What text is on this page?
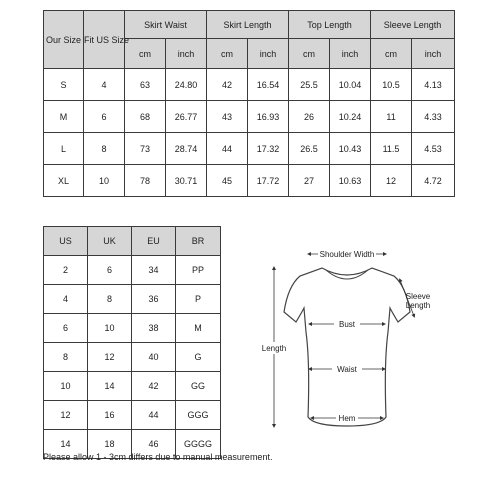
Our Size	Fit US Size	Skirt Waist		Skirt Length		Top Length		Sleeve Length	
		cm	inch	cm	inch	cm	inch	cm	inch
S	4	63	24.80	42	16.54	25.5	10.04	10.5	4.13
M	6	68	26.77	43	16.93	26	10.24	11	4.33
L	8	73	28.74	44	17.32	26.5	10.43	11.5	4.53
XL	10	78	30.71	45	17.72	27	10.63	12	4.72
US	UK	EU	BR
2	6	34	PP
4	8	36	P
6	10	38	M
8	12	40	G
10	14	42	GG
12	16	44	GGG
14	18	46	GGGG
Shoulder Width
Sleeve
Length
Bust
Waist
Hem
Length
Please allow 1 - 3cm differs due to manual measurement.
